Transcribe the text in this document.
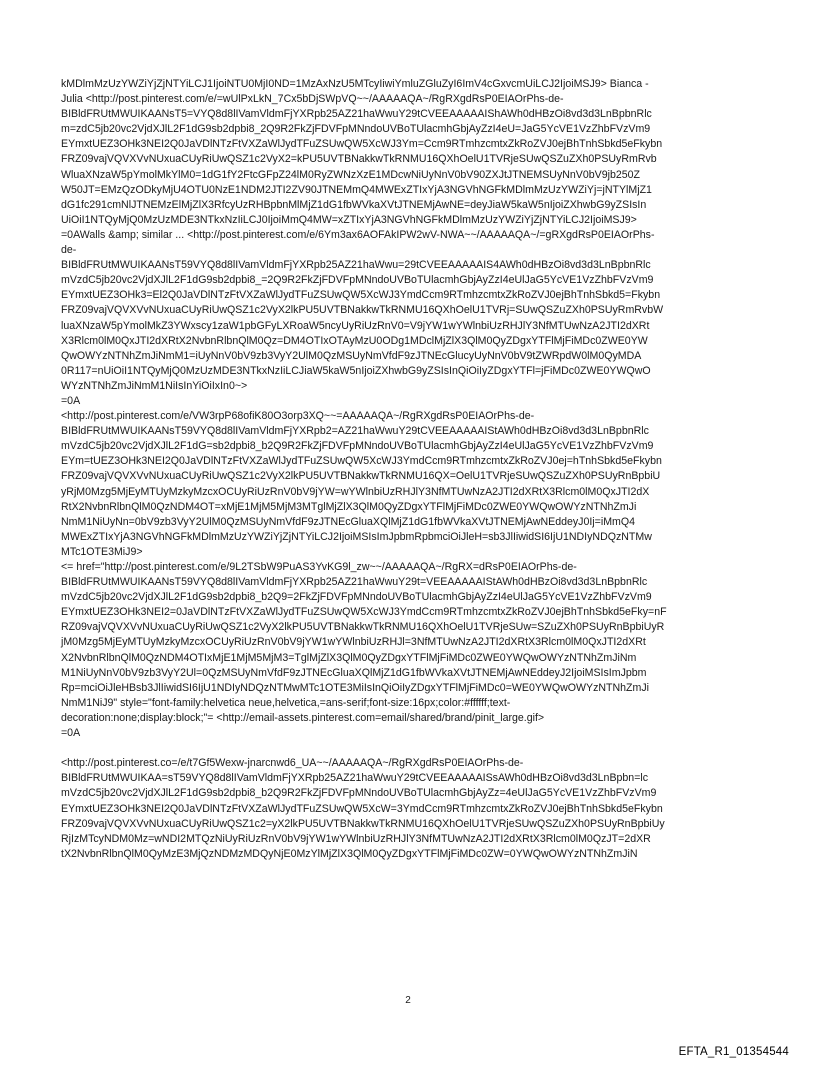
kMDlmMzUzYWZiYjZjNTYiLCJ1IjoiNTU0MjI0ND=1MzAxNzU5MTcyIiwiYmluZGluZyI6ImV4cGxvcmUiLCJ2IjoiMSJ9> Bianca -
Julia <http://post.pinterest.com/e/=wUlPxLkN_7Cx5bDjSWpVQ~~/AAAAAQA~/RgRXgdRsP0EIAOrPhs-de-
BIBldFRUtMWUIKAANsT5=VYQ8d8lIVamVldmFjYXRpb25AZ21haWwuY29tCVEEAAAAAIShAWh0dHBzOi8vd3d3LnBpbnRlc
m=zdC5jb20vc2VjdXJlL2F1dG9sb2dpbi8_2Q9R2FkZjFDVFpMNndoUVBoTUlacmhGbjAyZzI4eU=JaG5YcVE1VzZhbFVzVm9
EYmxtUEZ3OHk3NEI2Q0JaVDlNTzFtVXZaWlJydTFuZSUwQW5XcWJ3Ym=Ccm9RTmhzcmtxZkRoZVJ0ejBhTnhSbkd5eFkybn
FRZ09vajVQVXVvNUxuaCUyRiUwQSZ1c2VyX2=kPU5UVTBNakkwTkRNMU16QXhOelU1TVRjeSUwQSZuZXh0PSUyRmRvb
WluaXNzaW5pYmolMkYlM0=1dG1fY2FtcGFpZ24lM0RyZWNzXzE1MDcwNiUyNnV0bV90ZXJtJTNEMSUyNnV0bV9jb250Z
W50JT=EMzQzODkyMjU4OTU0NzE1NDM2JTI2ZV90JTNEMmQ4MWExZTIxYjA3NGVhNGFkMDlmMzUzYWZiYj=jNTYlMjZ1
dG1fc291cmNlJTNEMzElMjZlX3RfcyUzRHBpbnMlMjZ1dG1fbWVkaXVtJTNEMjAwNE=deyJiaW5kaW5nIjoiZXhwbG9yZSIsIn
UiOiI1NTQyMjQ0MzUzMDE3NTkxNzIiLCJ0IjoiMmQ4MW=xZTIxYjA3NGVhNGFkMDlmMzUzYWZiYjZjNTYiLCJ2IjoiMSJ9>
=0AWalls &amp; similar ... <http://post.pinterest.com/e/6Ym3ax6AOFAkIPW2wV-NWA~~/AAAAAQA~/=gRXgdRsP0EIAOrPhs-
de-
BIBldFRUtMWUIKAANsT59VYQ8d8lIVamVldmFjYXRpb25AZ21haWwu=29tCVEEAAAAAIS4AWh0dHBzOi8vd3d3LnBpbnRlc
mVzdC5jb20vc2VjdXJlL2F1dG9sb2dpbi8_=2Q9R2FkZjFDVFpMNndoUVBoTUlacmhGbjAyZzI4eUlJaG5YcVE1VzZhbFVzVm9
EYmxtUEZ3OHk3=El2Q0JaVDlNTzFtVXZaWlJydTFuZSUwQW5XcWJ3YmdCcm9RTmhzcmtxZkRoZVJ0ejBhTnhSbkd5=Fkybn
FRZ09vajVQVXVvNUxuaCUyRiUwQSZ1c2VyX2lkPU5UVTBNakkwTkRNMU16QXhOelU1TVRj=SUwQSZuZXh0PSUyRmRvbW
luaXNzaW5pYmolMkZ3YWxscy1zaW1pbGFyLXRoaW5ncyUyRiUzRnV0=V9jYW1wYWlnbiUzRHJlY3NfMTUwNzA2JTI2dXRt
X3Rlcm0lM0QxJTI2dXRtX2NvbnRlbnQlM0Qz=DM4OTIxOTAyMzU0ODg1MDclMjZlX3QlM0QyZDgxYTFlMjFiMDc0ZWE0YW
QwOWYzNTNhZmJiNmM1=iUyNnV0bV9zb3VyY2UlM0QzMSUyNmVfdF9zJTNEcGlucyUyNnV0bV9tZWRpdW0lM0QyMDA
0R117=nUiOiI1NTQyMjQ0MzUzMDE3NTkxNzIiLCJiaW5kaW5nIjoiZXhwbG9yZSIsInQiOiIyZDgxYTFl=jFiMDc0ZWE0YWQwO
WYzNTNhZmJiNmM1NiIsInYiOiIxIn0~>
=0A
<http://post.pinterest.com/e/VW3rpP68ofiK80O3orp3XQ~~=AAAAAQA~/RgRXgdRsP0EIAOrPhs-de-
BIBldFRUtMWUIKAANsT59VYQ8d8lIVamVldmFjYXRpb2=AZ21haWwuY29tCVEEAAAAAIStAWh0dHBzOi8vd3d3LnBpbnRlc
mVzdC5jb20vc2VjdXJlL2F1dG=sb2dpbi8_b2Q9R2FkZjFDVFpMNndoUVBoTUlacmhGbjAyZzI4eUlJaG5YcVE1VzZhbFVzVm9
EYm=tUEZ3OHk3NEI2Q0JaVDlNTzFtVXZaWlJydTFuZSUwQW5XcWJ3YmdCcm9RTmhzcmtxZkRoZVJ0ej=hTnhSbkd5eFkybn
FRZ09vajVQVXVvNUxuaCUyRiUwQSZ1c2VyX2lkPU5UVTBNakkwTkRNMU16QX=OelU1TVRjeSUwQSZuZXh0PSUyRnBpbiU
yRjM0Mzg5MjEyMTUyMzkyMzcxOCUyRiUzRnV0bV9jYW=wYWlnbiUzRHJlY3NfMTUwNzA2JTI2dXRtX3Rlcm0lM0QxJTI2dX
RtX2NvbnRlbnQlM0QzNDM4OT=xMjE1MjM5MjM3MTglMjZlX3QlM0QyZDgxYTFlMjFiMDc0ZWE0YWQwOWYzNTNhZmJi
NmM1NiUyNn=0bV9zb3VyY2UlM0QzMSUyNmVfdF9zJTNEcGluaXQlMjZ1dG1fbWVkaXVtJTNEMjAwNEddeyJ0Ij=iMmQ4
MWExZTIxYjA3NGVhNGFkMDlmMzUzYWZiYjZjNTYiLCJ2IjoiMSIsImJpbmRpbmciOiJleH=sb3JlIiwidSI6IjU1NDIyNDQzNTMw
MTc1OTE3MiJ9>
<= href="http://post.pinterest.com/e/9L2TSbW9PuAS3YvKG9l_zw~~/AAAAAQA~/RgRX=dRsP0EIAOrPhs-de-
BIBldFRUtMWUIKAANsT59VYQ8d8lIVamVldmFjYXRpb25AZ21haWwuY29t=VEEAAAAAIStAWh0dHBzOi8vd3d3LnBpbnRlc
mVzdC5jb20vc2VjdXJlL2F1dG9sb2dpbi8_b2Q9=2FkZjFDVFpMNndoUVBoTUlacmhGbjAyZzI4eUlJaG5YcVE1VzZhbFVzVm9
EYmxtUEZ3OHk3NEI2=0JaVDlNTzFtVXZaWlJydTFuZSUwQW5XcWJ3YmdCcm9RTmhzcmtxZkRoZVJ0ejBhTnhSbkd5eFky=nF
RZ09vajVQVXVvNUxuaCUyRiUwQSZ1c2VyX2lkPU5UVTBNakkwTkRNMU16QXhOelU1TVRjeSUw=SZuZXh0PSUyRnBpbiUyR
jM0Mzg5MjEyMTUyMzkyMzcxOCUyRiUzRnV0bV9jYW1wYWlnbiUzRHJl=3NfMTUwNzA2JTI2dXRtX3Rlcm0lM0QxJTI2dXRt
X2NvbnRlbnQlM0QzNDM4OTIxMjE1MjM5MjM3=TglMjZlX3QlM0QyZDgxYTFlMjFiMDc0ZWE0YWQwOWYzNTNhZmJiNm
M1NiUyNnV0bV9zb3VyY2Ul=0QzMSUyNmVfdF9zJTNEcGluaXQlMjZ1dG1fbWVkaXVtJTNEMjAwNEddeyJ2IjoiMSIsImJpbm
Rp=mciOiJleHBsb3JlIiwidSI6IjU1NDIyNDQzNTMwMTc1OTE3MiIsInQiOiIyZDgxYTFlMjFiMDc0=WE0YWQwOWYzNTNhZmJi
NmM1NiJ9" style="font-family:helvetica neue,helvetica,=ans-serif;font-size:16px;color:#ffffff;text-
decoration:none;display:block;"= <http://email-assets.pinterest.com=email/shared/brand/pinit_large.gif>
=0A
<http://post.pinterest.co=/e/t7Gf5Wexw-jnarcnwd6_UA~~/AAAAAQA~/RgRXgdRsP0EIAOrPhs-de-
BIBldFRUtMWUIKAA=sT59VYQ8d8lIVamVldmFjYXRpb25AZ21haWwuY29tCVEEAAAAAISsAWh0dHBzOi8vd3d3LnBpbn=lc
mVzdC5jb20vc2VjdXJlL2F1dG9sb2dpbi8_b2Q9R2FkZjFDVFpMNndoUVBoTUlacmhGbjAyZz=4eUlJaG5YcVE1VzZhbFVzVm9
EYmxtUEZ3OHk3NEI2Q0JaVDlNTzFtVXZaWlJydTFuZSUwQW5XcW=3YmdCcm9RTmhzcmtxZkRoZVJ0ejBhTnhSbkd5eFkybn
FRZ09vajVQVXVvNUxuaCUyRiUwQSZ1c2=yX2lkPU5UVTBNakkwTkRNMU16QXhOelU1TVRjeSUwQSZuZXh0PSUyRnBpbiUy
RjIzMTcyNDM0Mz=wNDI2MTQzNiUyRiUzRnV0bV9jYW1wYWlnbiUzRHJlY3NfMTUwNzA2JTI2dXRtX3Rlcm0lM0QzJT=2dXR
tX2NvbnRlbnQlM0QyMzE3MjQzNDMzMDQyNjE0MzYlMjZlX3QlM0QyZDgxYTFlMjFiMDc0ZW=0YWQwOWYzNTNhZmJiN
2
EFTA_R1_01354544
